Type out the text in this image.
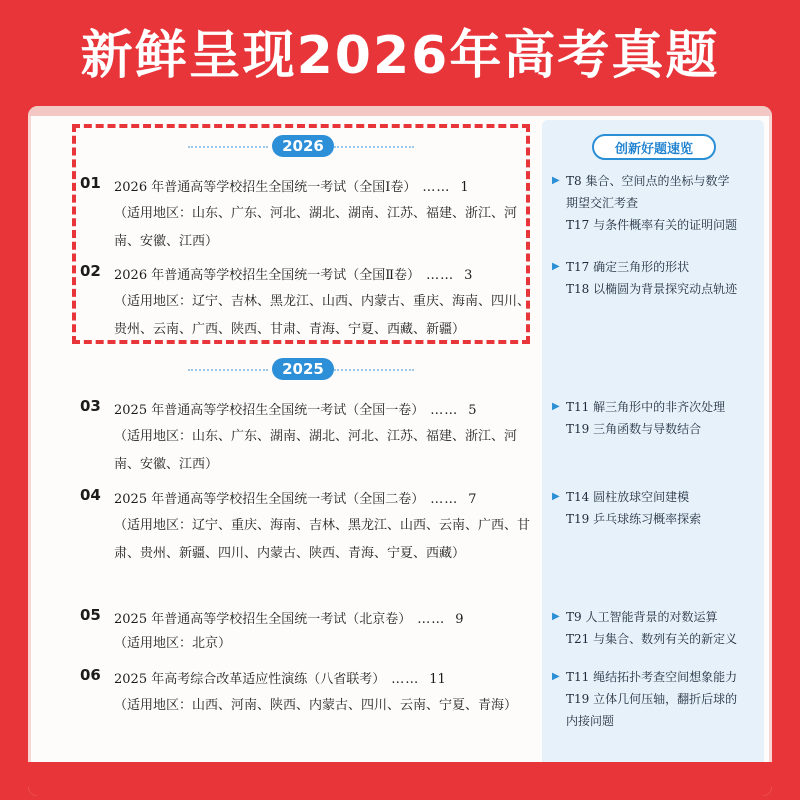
新鲜呈现2026年高考真题
创新好题速览
▶ T8 集合、空间点的坐标与数学
期望交汇考查
T17 与条件概率有关的证明问题
▶ T17 确定三角形的形状
T18 以椭圆为背景探究动点轨迹
▶ T11 解三角形中的非齐次处理
T19 三角函数与导数结合
▶ T14 圆柱放球空间建模
T19 乒乓球练习概率探索
▶ T9 人工智能背景的对数运算
T21 与集合、数列有关的新定义
▶ T11 绳结拓扑考查空间想象能力
T19 立体几何压轴，翻折后球的
内接问题
2026
01 2026 年普通高等学校招生全国统一考试（全国Ⅰ卷） …… 1
（适用地区：山东、广东、河北、湖北、湖南、江苏、福建、浙江、河南、安徽、江西）
02 2026 年普通高等学校招生全国统一考试（全国Ⅱ卷） …… 3
（适用地区：辽宁、吉林、黑龙江、山西、内蒙古、重庆、海南、四川、贵州、云南、广西、陕西、甘肃、青海、宁夏、西藏、新疆）
2025
03 2025 年普通高等学校招生全国统一考试（全国一卷） …… 5
（适用地区：山东、广东、湖南、湖北、河北、江苏、福建、浙江、河南、安徽、江西）
04 2025 年普通高等学校招生全国统一考试（全国二卷） …… 7
（适用地区：辽宁、重庆、海南、吉林、黑龙江、山西、云南、广西、甘肃、贵州、新疆、四川、内蒙古、陕西、青海、宁夏、西藏）
05 2025 年普通高等学校招生全国统一考试（北京卷） …… 9
（适用地区：北京）
06 2025 年高考综合改革适应性演练（八省联考） …… 11
（适用地区：山西、河南、陕西、内蒙古、四川、云南、宁夏、青海）
